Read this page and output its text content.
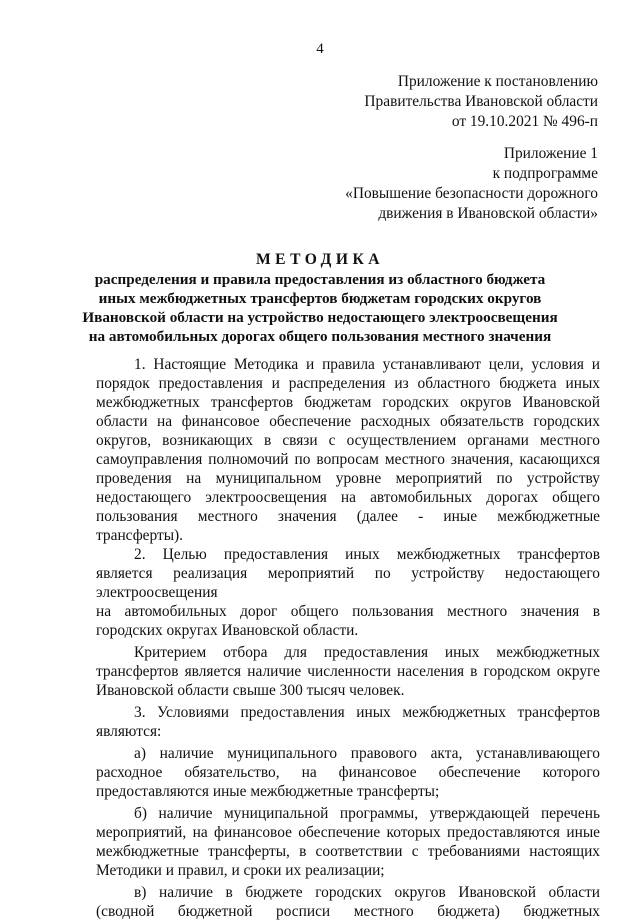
4
Приложение к постановлению
Правительства Ивановской области
от 19.10.2021 № 496-п
Приложение 1
к подпрограмме
«Повышение безопасности дорожного
движения в Ивановской области»
МЕТОДИКА
распределения и правила предоставления из областного бюджета
иных межбюджетных трансфертов бюджетам городских округов
Ивановской области на устройство недостающего электроосвещения
на автомобильных дорогах общего пользования местного значения
1. Настоящие Методика и правила устанавливают цели, условия и
порядок предоставления и распределения из областного бюджета иных
межбюджетных трансфертов бюджетам городских округов Ивановской
области на финансовое обеспечение расходных обязательств городских
округов, возникающих в связи с осуществлением органами местного
самоуправления полномочий по вопросам местного значения, касающихся
проведения на муниципальном уровне мероприятий по устройству
недостающего электроосвещения на автомобильных дорогах общего
пользования местного значения (далее - иные межбюджетные
трансферты).
2. Целью предоставления иных межбюджетных трансфертов
является реализация мероприятий по устройству недостающего
электроосвещения
на автомобильных дорог общего пользования местного значения в
городских округах Ивановской области.
Критерием отбора для предоставления иных межбюджетных
трансфертов является наличие численности населения в городском округе
Ивановской области свыше 300 тысяч человек.
3. Условиями предоставления иных межбюджетных трансфертов
являются:
а) наличие муниципального правового акта, устанавливающего
расходное обязательство, на финансовое обеспечение которого
предоставляются иные межбюджетные трансферты;
б) наличие муниципальной программы, утверждающей перечень
мероприятий, на финансовое обеспечение которых предоставляются иные
межбюджетные трансферты, в соответствии с требованиями настоящих
Методики и правил, и сроки их реализации;
в) наличие в бюджете городских округов Ивановской области
(сводной бюджетной росписи местного бюджета) бюджетных
